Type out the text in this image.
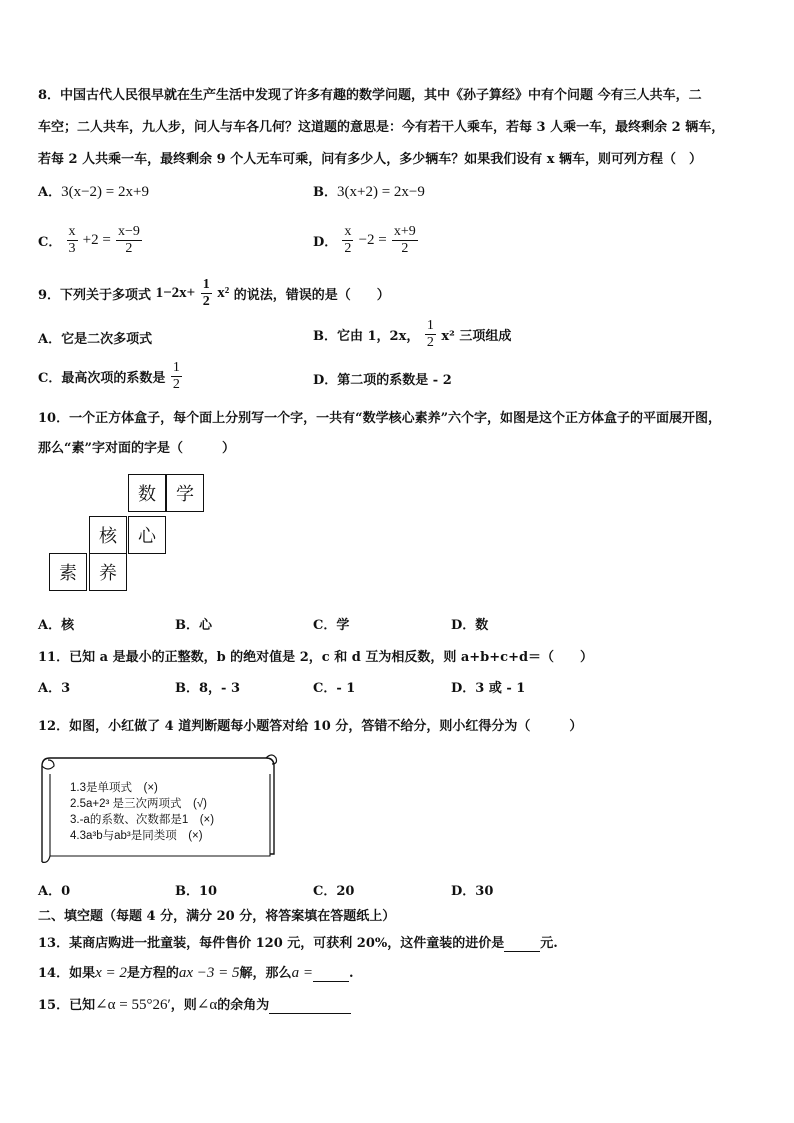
8．中国古代人民很早就在生产生活中发现了许多有趣的数学问题，其中《孙子算经》中有个问题 今有三人共车，二
车空；二人共车，九人步，问人与车各几何？这道题的意思是：今有若干人乘车，若每 3 人乘一车，最终剩余 2 辆车，
若每 2 人共乘一车，最终剩余 9 个人无车可乘，问有多少人，多少辆车？如果我们设有 x 辆车，则可列方程（　）
A．3(x−2) = 2x+9	B．3(x+2) = 2x−9
C． $\frac{x}{3} +2 = \frac{x-9}{2}$	D． $\frac{x}{2} -2 = \frac{x+9}{2}$
9．下列关于多项式 $1-2x+ \frac{1}{2} x^2$ 的说法，错误的是（　　）
A．它是二次多项式	B．它由 1，2x， $\frac{1}{2} x^2$ 三项组成
C．最高次项的系数是 $\frac{1}{2}$	D．第二项的系数是 - 2
10．一个正方体盒子，每个面上分别写一个字，一共有“数学核心素养”六个字，如图是这个正方体盒子的平面展开图，
那么“素”字对面的字是（　　　）
数	学
核	心
素	养
A．核	B．心	C．学	D．数
11．已知 a 是最小的正整数，b 的绝对值是 2，c 和 d 互为相反数，则 a+b+c+d＝（　　）
A．3	B．8，- 3	C．- 1	D．3 或 - 1
12．如图，小红做了 4 道判断题每小题答对给 10 分，答错不给分，则小红得分为（　　　）
1.3是单项式　(×)
2.5a+2³ 是三次两项式　(√)
3.-a的系数、次数都是1　(×)
4.3a³b与ab³是同类项　(×)
A．0	B．10	C．20	D．30
二、填空题（每题 4 分，满分 20 分，将答案填在答题纸上）
13．某商店购进一批童装，每件售价 120 元，可获利 20%，这件童装的进价是	元.
14．如果x = 2是方程的ax −3 = 5解，那么a =	.
15．已知∠α = 55°26′，则∠α的余角为
